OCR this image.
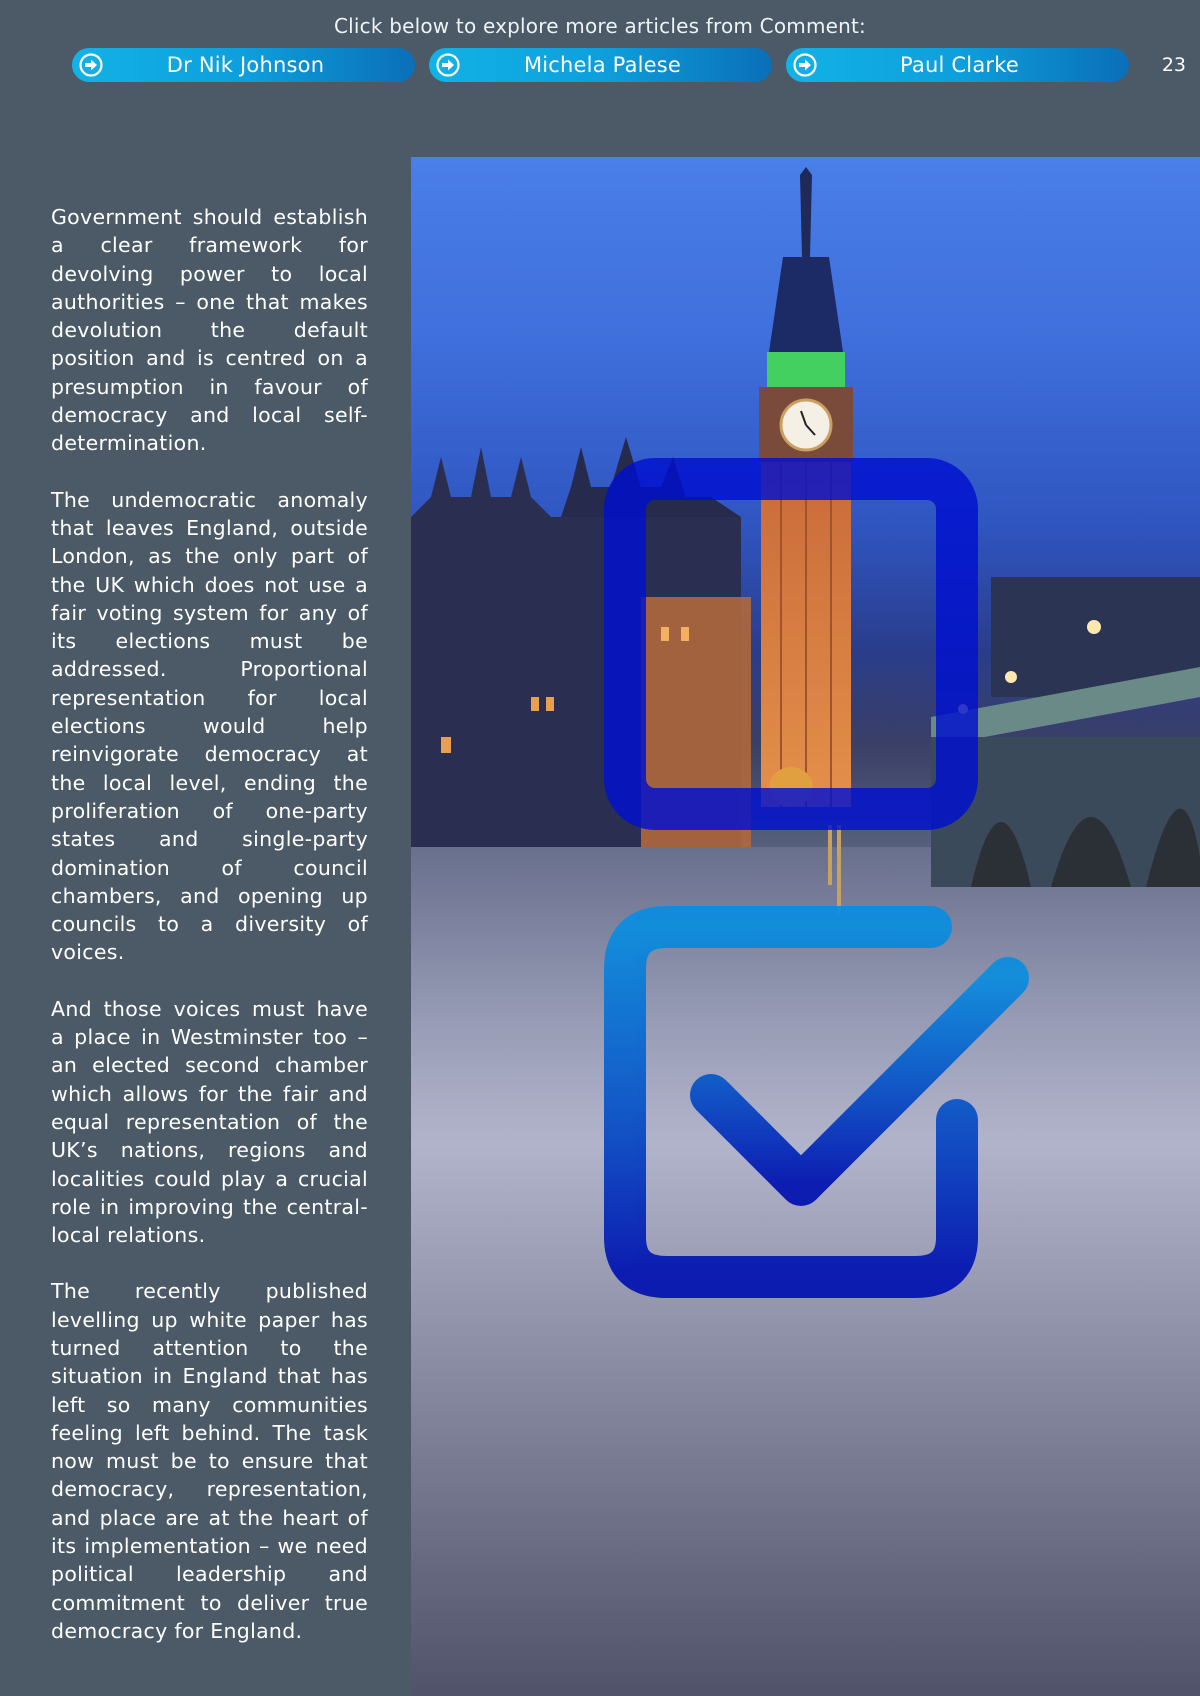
Click below to explore more articles from Comment:
Dr Nik Johnson	Michela Palese	Paul Clarke	23

Government should establish a clear framework for devolving power to local authorities – one that makes devolution the default position and is centred on a presumption in favour of democracy and local self-determination.

The undemocratic anomaly that leaves England, outside London, as the only part of the UK which does not use a fair voting system for any of its elections must be addressed. Proportional representation for local elections would help reinvigorate democracy at the local level, ending the proliferation of one-party states and single-party domination of council chambers, and opening up councils to a diversity of voices.

And those voices must have a place in Westminster too – an elected second chamber which allows for the fair and equal representation of the UK’s nations, regions and localities could play a crucial role in improving the central-local relations.

The recently published levelling up white paper has turned attention to the situation in England that has left so many communities feeling left behind. The task now must be to ensure that democracy, representation, and place are at the heart of its implementation – we need political leadership and commitment to deliver true democracy for England.
